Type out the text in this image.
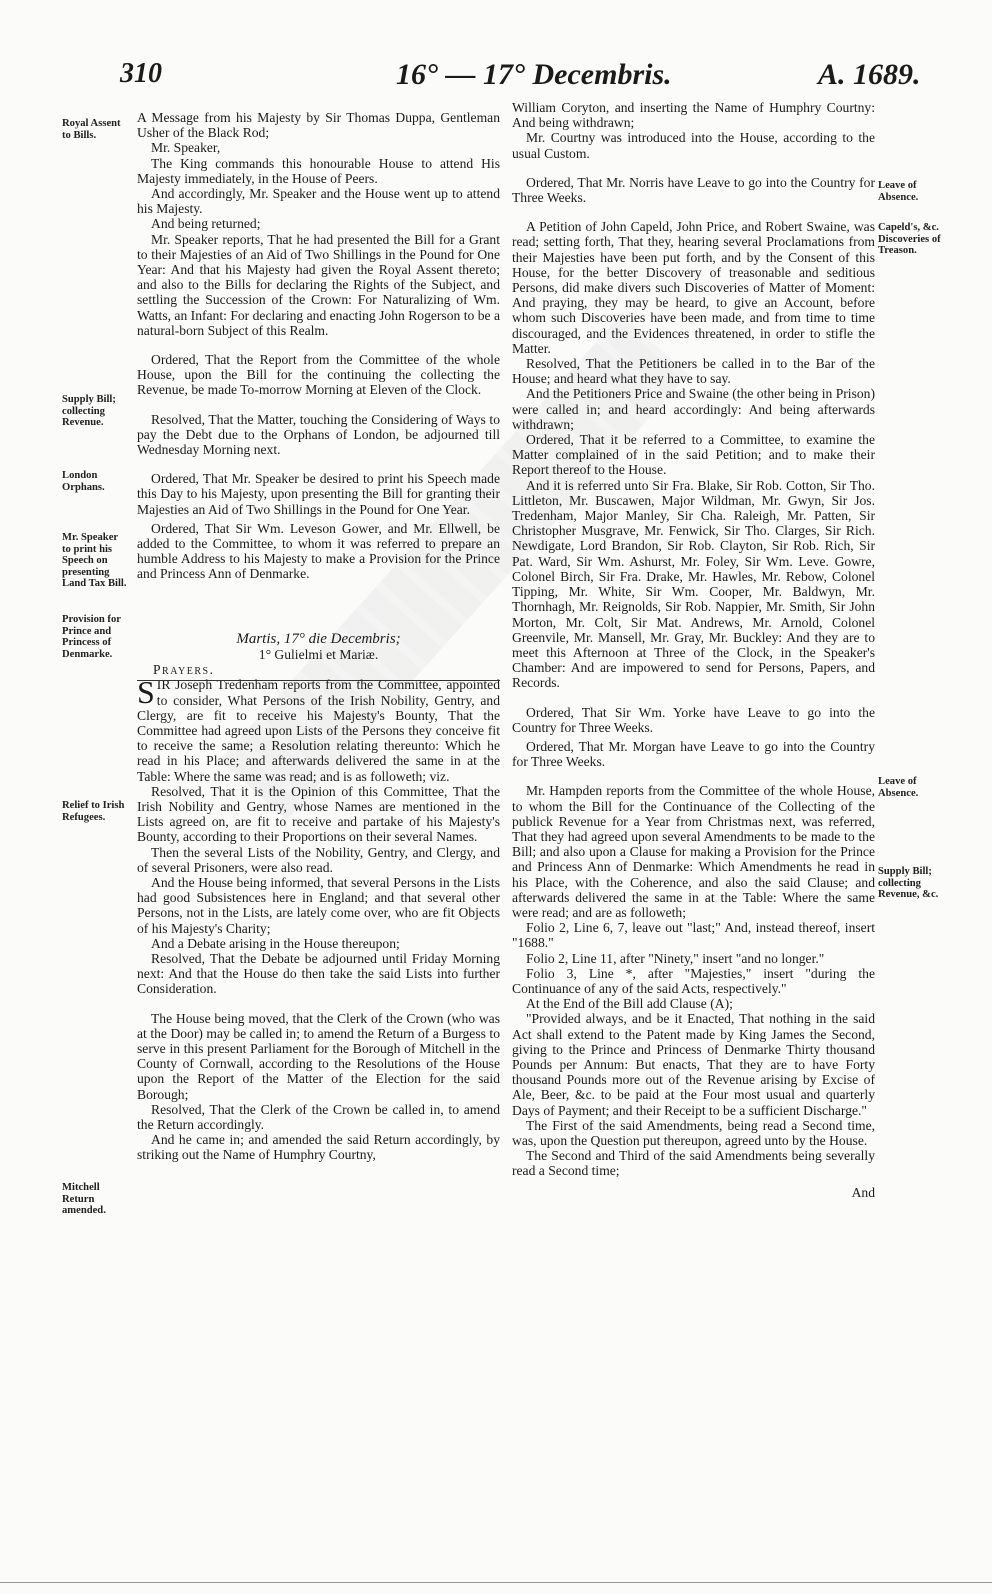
310	16° — 17° Decembris.	A. 1689.
Royal Assent to Bills.
Supply Bill; collecting Revenue.
London Orphans.
Mr. Speaker to print his Speech on presenting Land Tax Bill.
Provision for Prince and Princess of Denmarke.
Relief to Irish Refugees.
Mitchell Return amended.
Leave of Absence.
Capeld's, &c. Discoveries of Treason.
Leave of Absence.
Supply Bill; collecting Revenue, &c.

A Message from his Majesty by Sir Thomas Duppa, Gentleman Usher of the Black Rod;

Mr. Speaker,

The King commands this honourable House to attend His Majesty immediately, in the House of Peers.

And accordingly, Mr. Speaker and the House went up to attend his Majesty.

And being returned;

Mr. Speaker reports, That he had presented the Bill for a Grant to their Majesties of an Aid of Two Shillings in the Pound for One Year: And that his Majesty had given the Royal Assent thereto; and also to the Bills for declaring the Rights of the Subject, and settling the Succession of the Crown: For Naturalizing of Wm. Watts, an Infant: For declaring and enacting John Rogerson to be a natural-born Subject of this Realm.

Ordered, That the Report from the Committee of the whole House, upon the Bill for the continuing the collecting the Revenue, be made To-morrow Morning at Eleven of the Clock.

Resolved, That the Matter, touching the Considering of Ways to pay the Debt due to the Orphans of London, be adjourned till Wednesday Morning next.

Ordered, That Mr. Speaker be desired to print his Speech made this Day to his Majesty, upon presenting the Bill for granting their Majesties an Aid of Two Shillings in the Pound for One Year.

Ordered, That Sir Wm. Leveson Gower, and Mr. Ellwell, be added to the Committee, to whom it was referred to prepare an humble Address to his Majesty to make a Provision for the Prince and Princess Ann of Denmarke.

Martis, 17° die Decembris;

1° Gulielmi et Mariæ.

Prayers.

SIR Joseph Tredenham reports from the Committee, appointed to consider, What Persons of the Irish Nobility, Gentry, and Clergy, are fit to receive his Majesty's Bounty, That the Committee had agreed upon Lists of the Persons they conceive fit to receive the same; a Resolution relating thereunto: Which he read in his Place; and afterwards delivered the same in at the Table: Where the same was read; and is as followeth; viz.

Resolved, That it is the Opinion of this Committee, That the Irish Nobility and Gentry, whose Names are mentioned in the Lists agreed on, are fit to receive and partake of his Majesty's Bounty, according to their Proportions on their several Names.

Then the several Lists of the Nobility, Gentry, and Clergy, and of several Prisoners, were also read.

And the House being informed, that several Persons in the Lists had good Subsistences here in England; and that several other Persons, not in the Lists, are lately come over, who are fit Objects of his Majesty's Charity;

And a Debate arising in the House thereupon;

Resolved, That the Debate be adjourned until Friday Morning next: And that the House do then take the said Lists into further Consideration.

The House being moved, that the Clerk of the Crown (who was at the Door) may be called in; to amend the Return of a Burgess to serve in this present Parliament for the Borough of Mitchell in the County of Cornwall, according to the Resolutions of the House upon the Report of the Matter of the Election for the said Borough;

Resolved, That the Clerk of the Crown be called in, to amend the Return accordingly.

And he came in; and amended the said Return accordingly, by striking out the Name of Humphry Courtny,

William Coryton, and inserting the Name of Humphry Courtny: And being withdrawn;

Mr. Courtny was introduced into the House, according to the usual Custom.

Ordered, That Mr. Norris have Leave to go into the Country for Three Weeks.

A Petition of John Capeld, John Price, and Robert Swaine, was read; setting forth, That they, hearing several Proclamations from their Majesties have been put forth, and by the Consent of this House, for the better Discovery of treasonable and seditious Persons, did make divers such Discoveries of Matter of Moment: And praying, they may be heard, to give an Account, before whom such Discoveries have been made, and from time to time discouraged, and the Evidences threatened, in order to stifle the Matter.

Resolved, That the Petitioners be called in to the Bar of the House; and heard what they have to say.

And the Petitioners Price and Swaine (the other being in Prison) were called in; and heard accordingly: And being afterwards withdrawn;

Ordered, That it be referred to a Committee, to examine the Matter complained of in the said Petition; and to make their Report thereof to the House.

And it is referred unto Sir Fra. Blake, Sir Rob. Cotton, Sir Tho. Littleton, Mr. Buscawen, Major Wildman, Mr. Gwyn, Sir Jos. Tredenham, Major Manley, Sir Cha. Raleigh, Mr. Patten, Sir Christopher Musgrave, Mr. Fenwick, Sir Tho. Clarges, Sir Rich. Newdigate, Lord Brandon, Sir Rob. Clayton, Sir Rob. Rich, Sir Pat. Ward, Sir Wm. Ashurst, Mr. Foley, Sir Wm. Leve. Gowre, Colonel Birch, Sir Fra. Drake, Mr. Hawles, Mr. Rebow, Colonel Tipping, Mr. White, Sir Wm. Cooper, Mr. Baldwyn, Mr. Thornhagh, Mr. Reignolds, Sir Rob. Nappier, Mr. Smith, Sir John Morton, Mr. Colt, Sir Mat. Andrews, Mr. Arnold, Colonel Greenvile, Mr. Mansell, Mr. Gray, Mr. Buckley: And they are to meet this Afternoon at Three of the Clock, in the Speaker's Chamber: And are impowered to send for Persons, Papers, and Records.

Ordered, That Sir Wm. Yorke have Leave to go into the Country for Three Weeks.

Ordered, That Mr. Morgan have Leave to go into the Country for Three Weeks.

Mr. Hampden reports from the Committee of the whole House, to whom the Bill for the Continuance of the Collecting of the publick Revenue for a Year from Christmas next, was referred, That they had agreed upon several Amendments to be made to the Bill; and also upon a Clause for making a Provision for the Prince and Princess Ann of Denmarke: Which Amendments he read in his Place, with the Coherence, and also the said Clause; and afterwards delivered the same in at the Table: Where the same were read; and are as followeth;

Folio 2, Line 6, 7, leave out "last;" And, instead thereof, insert "1688."

Folio 2, Line 11, after "Ninety," insert "and no longer."

Folio 3, Line *, after "Majesties," insert "during the Continuance of any of the said Acts, respectively."

At the End of the Bill add Clause (A);

"Provided always, and be it Enacted, That nothing in the said Act shall extend to the Patent made by King James the Second, giving to the Prince and Princess of Denmarke Thirty thousand Pounds per Annum: But enacts, That they are to have Forty thousand Pounds more out of the Revenue arising by Excise of Ale, Beer, &c. to be paid at the Four most usual and quarterly Days of Payment; and their Receipt to be a sufficient Discharge."

The First of the said Amendments, being read a Second time, was, upon the Question put thereupon, agreed unto by the House.

The Second and Third of the said Amendments being severally read a Second time;

And
